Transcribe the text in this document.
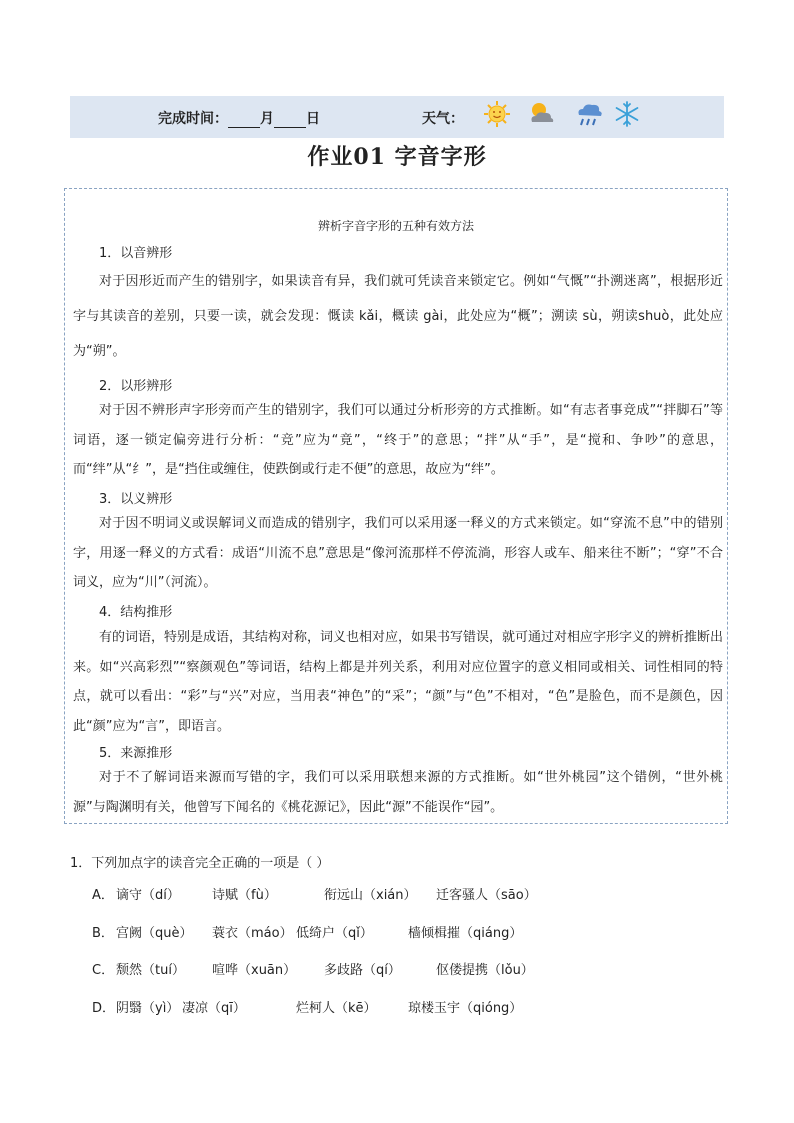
完成时间： 月 日	天气：
作业01 字音字形
辨析字音字形的五种有效方法
1．以音辨形

对于因形近而产生的错别字，如果读音有异，我们就可凭读音来锁定它。例如“气慨”“扑溯迷离”，根据形近字与其读音的差别，只要一读，就会发现：慨读 kǎi，概读 gài，此处应为“概”；溯读 sù，朔读shuò，此处应为“朔”。

2．以形辨形

对于因不辨形声字形旁而产生的错别字，我们可以通过分析形旁的方式推断。如“有志者事竞成”“拌脚石”等词语，逐一锁定偏旁进行分析：“竞”应为“竟”，“终于”的意思；“拌”从“手”，是“搅和、争吵”的意思，而“绊”从“纟”，是“挡住或缠住，使跌倒或行走不便”的意思，故应为“绊”。

3．以义辨形

对于因不明词义或误解词义而造成的错别字，我们可以采用逐一释义的方式来锁定。如“穿流不息”中的错别字，用逐一释义的方式看：成语“川流不息”意思是“像河流那样不停流淌，形容人或车、船来往不断”；“穿”不合词义，应为“川”（河流）。

4．结构推形

有的词语，特别是成语，其结构对称，词义也相对应，如果书写错误，就可通过对相应字形字义的辨析推断出来。如“兴高彩烈”“察颜观色”等词语，结构上都是并列关系，利用对应位置字的意义相同或相关、词性相同的特点，就可以看出：“彩”与“兴”对应，当用表“神色”的“采”；“颜”与“色”不相对，“色”是脸色，而不是颜色，因此“颜”应为“言”，即语言。

5．来源推形

对于不了解词语来源而写错的字，我们可以采用联想来源的方式推断。如“世外桃园”这个错例，“世外桃源”与陶渊明有关，他曾写下闻名的《桃花源记》，因此“源”不能误作“园”。

1．下列加点字的读音完全正确的一项是（ ）
A． 谪守（dí） 诗赋（fù）	衔远山（xián） 迁客骚人（sāo）
B． 宫阙（què） 蓑衣（máo） 低绮户（qǐ）	樯倾楫摧（qiáng）
C． 颓然（tuí） 喧哗（xuān） 多歧路（qí）	伛偻提携（lǒu）
D． 阴翳（yì） 凄凉（qī）	烂柯人（kē） 琼楼玉宇（qióng）
